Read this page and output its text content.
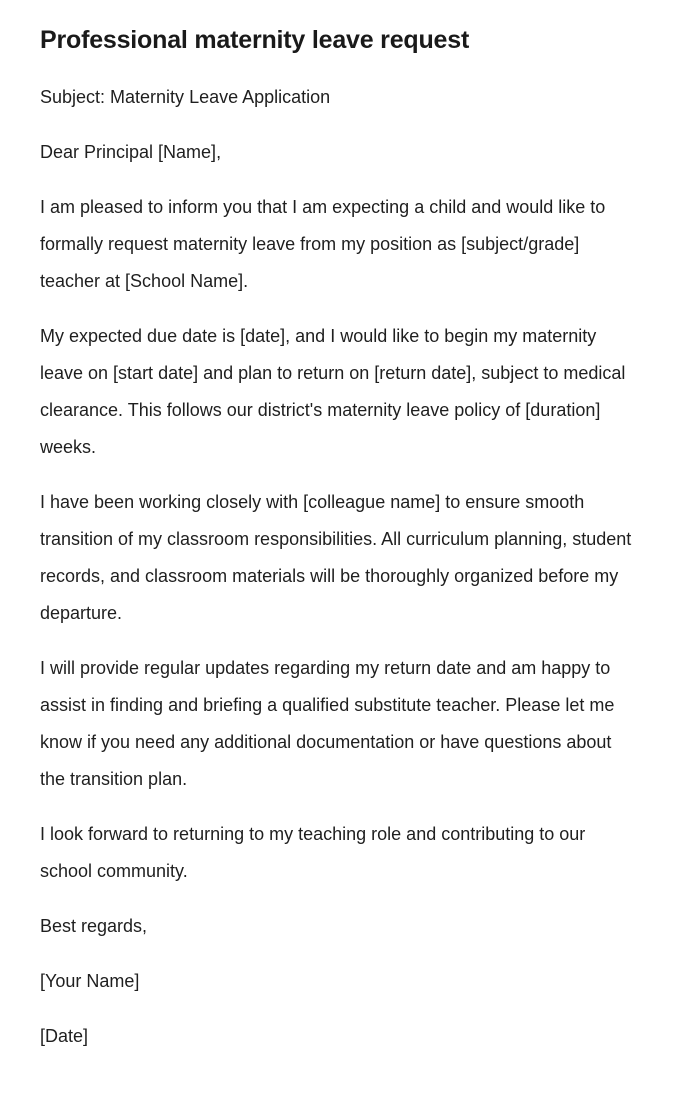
Professional maternity leave request

Subject: Maternity Leave Application

Dear Principal [Name],

I am pleased to inform you that I am expecting a child and would like to formally request maternity leave from my position as [subject/grade] teacher at [School Name].

My expected due date is [date], and I would like to begin my maternity leave on [start date] and plan to return on [return date], subject to medical clearance. This follows our district's maternity leave policy of [duration] weeks.

I have been working closely with [colleague name] to ensure smooth transition of my classroom responsibilities. All curriculum planning, student records, and classroom materials will be thoroughly organized before my departure.

I will provide regular updates regarding my return date and am happy to assist in finding and briefing a qualified substitute teacher. Please let me know if you need any additional documentation or have questions about the transition plan.

I look forward to returning to my teaching role and contributing to our school community.

Best regards,

[Your Name]

[Date]
